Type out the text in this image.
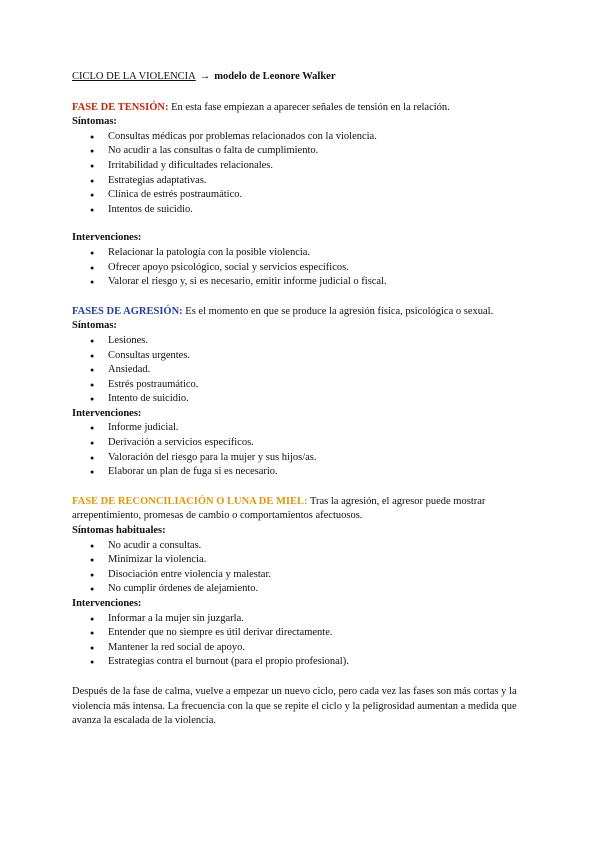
CICLO DE LA VIOLENCIA → modelo de Leonore Walker

FASE DE TENSIÓN: En esta fase empiezan a aparecer señales de tensión en la relación.

Síntomas:

● Consultas médicas por problemas relacionados con la violencia.
● No acudir a las consultas o falta de cumplimiento.
● Irritabilidad y dificultades relacionales.
● Estrategias adaptativas.
● Clínica de estrés postraumático.
● Intentos de suicidio.

Intervenciones:

● Relacionar la patología con la posible violencia.
● Ofrecer apoyo psicológico, social y servicios específicos.
● Valorar el riesgo y, si es necesario, emitir informe judicial o fiscal.

FASES DE AGRESIÓN: Es el momento en que se produce la agresión física, psicológica o sexual.

Síntomas:

● Lesiones.
● Consultas urgentes.
● Ansiedad.
● Estrés postraumático.
● Intento de suicidio.

Intervenciones:

● Informe judicial.
● Derivación a servicios específicos.
● Valoración del riesgo para la mujer y sus hijos/as.
● Elaborar un plan de fuga si es necesario.

FASE DE RECONCILIACIÓN O LUNA DE MIEL: Tras la agresión, el agresor puede mostrar arrepentimiento, promesas de cambio o comportamientos afectuosos.

Síntomas habituales:

● No acudir a consultas.
● Minimizar la violencia.
● Disociación entre violencia y malestar.
● No cumplir órdenes de alejamiento.

Intervenciones:

● Informar a la mujer sin juzgarla.
● Entender que no siempre es útil derivar directamente.
● Mantener la red social de apoyo.
● Estrategias contra el burnout (para el propio profesional).

Después de la fase de calma, vuelve a empezar un nuevo ciclo, pero cada vez las fases son más cortas y la violencia más intensa. La frecuencia con la que se repite el ciclo y la peligrosidad aumentan a medida que avanza la escalada de la violencia.
